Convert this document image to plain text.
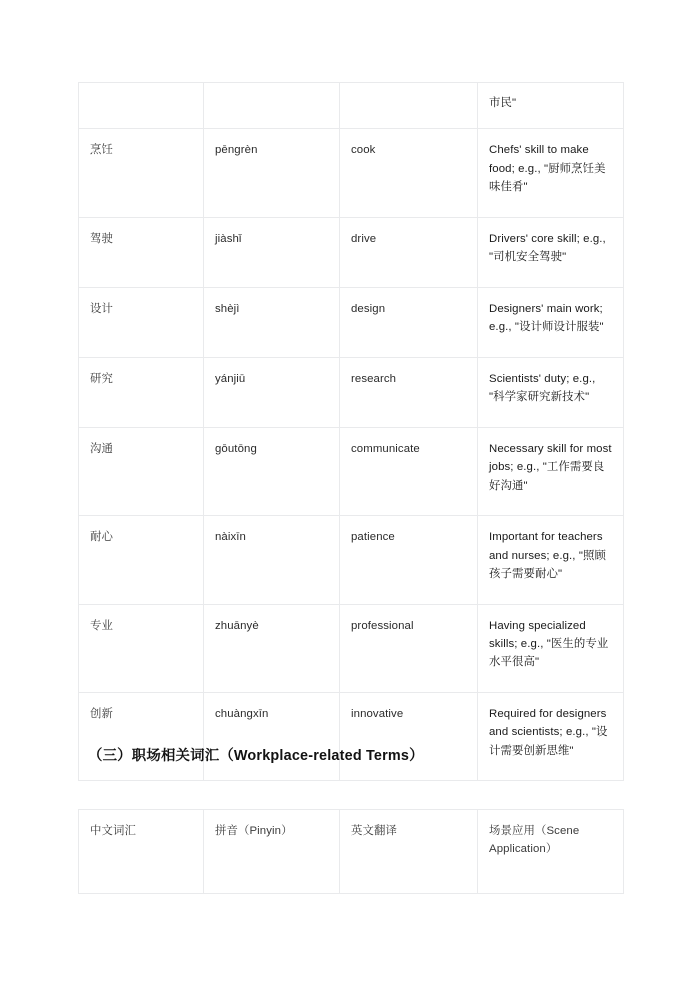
			市民"
烹饪	pēngrèn	cook	Chefs' skill to make food; e.g., "厨师烹饪美味佳肴"
驾驶	jiàshǐ	drive	Drivers' core skill; e.g., "司机安全驾驶"
设计	shèjì	design	Designers' main work; e.g., "设计师设计服装"
研究	yánjiū	research	Scientists' duty; e.g., "科学家研究新技术"
沟通	gōutōng	communicate	Necessary skill for most jobs; e.g., "工作需要良好沟通"
耐心	nàixīn	patience	Important for teachers and nurses; e.g., "照顾孩子需要耐心"
专业	zhuānyè	professional	Having specialized skills; e.g., "医生的专业水平很高"
创新	chuàngxīn	innovative	Required for designers and scientists; e.g., "设计需要创新思维"
（三）职场相关词汇（Workplace-related Terms）
中文词汇	拼音（Pinyin）	英文翻译	场景应用（Scene Application）
